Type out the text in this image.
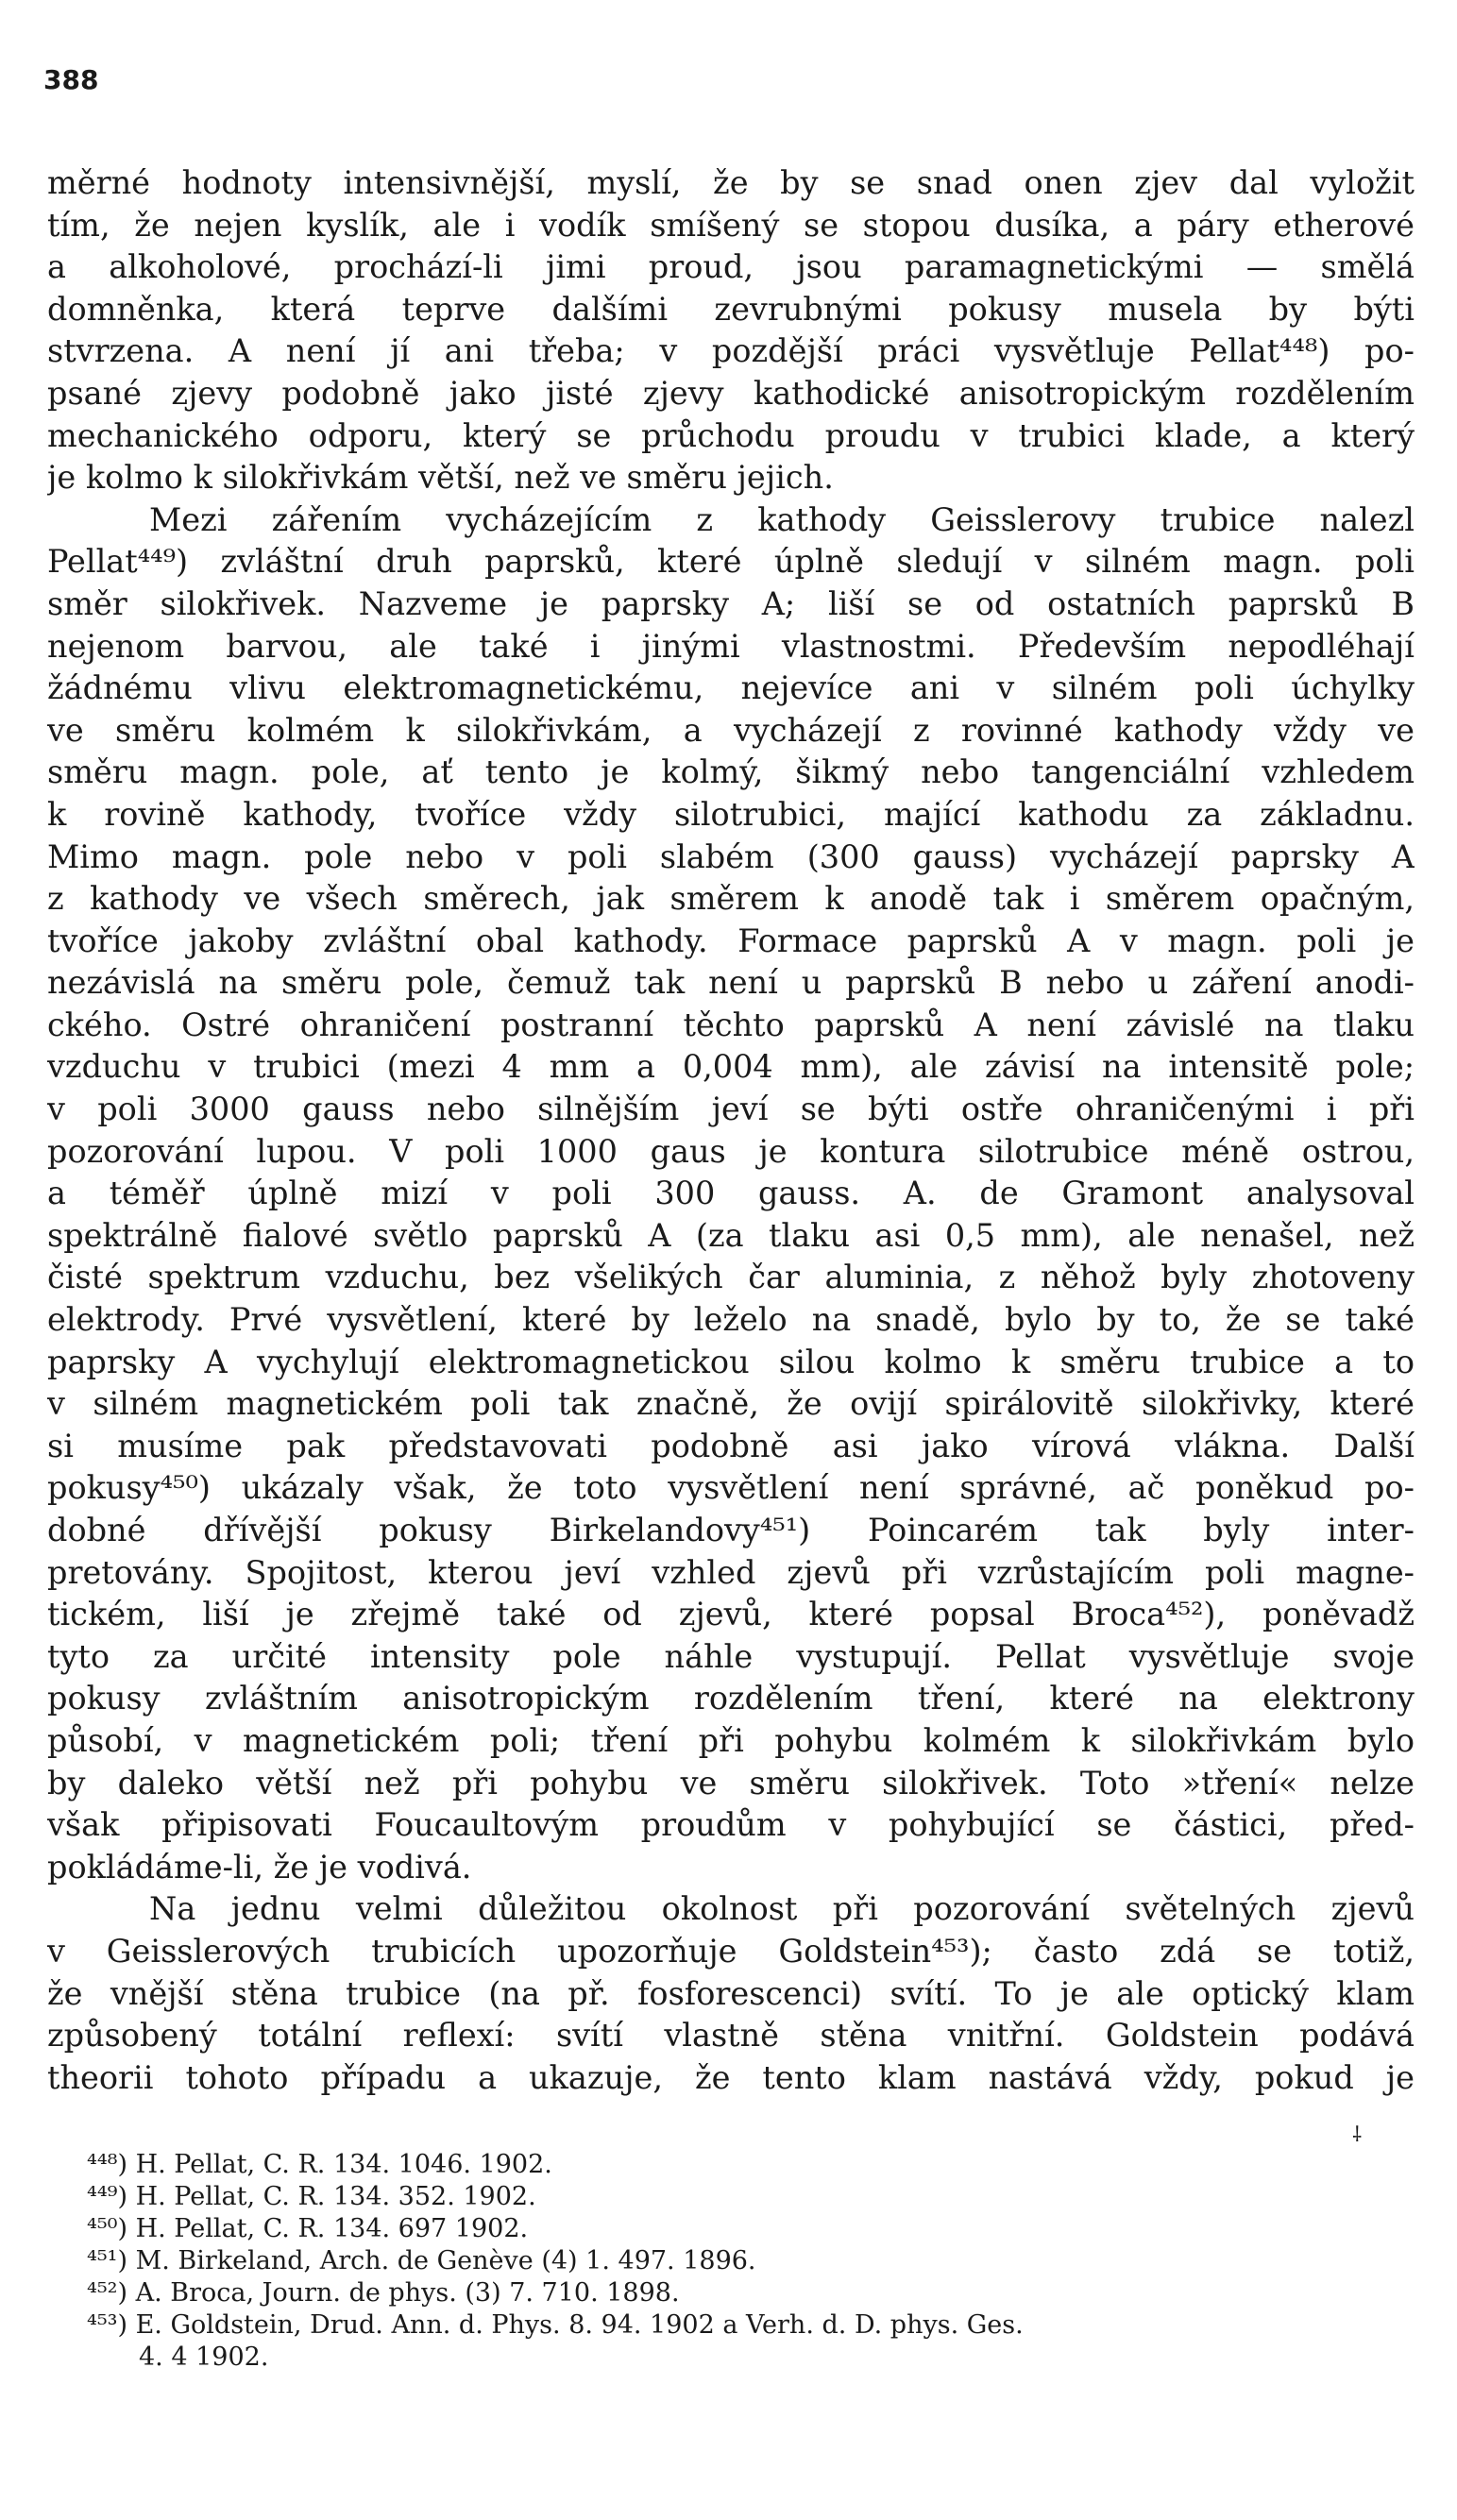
388
měrné hodnoty intensivnější, myslí, že by se snad onen zjev dal vyložit
tím, že nejen kyslík, ale i vodík smíšený se stopou dusíka, a páry etherové
a alkoholové, prochází-li jimi proud, jsou paramagnetickými — smělá
domněnka, která teprve dalšími zevrubnými pokusy musela by býti
stvrzena. A není jí ani třeba; v pozdější práci vysvětluje Pellat⁴⁴⁸) po-
psané zjevy podobně jako jisté zjevy kathodické anisotropickým rozdělením
mechanického odporu, který se průchodu proudu v trubici klade, a který
je kolmo k silokřivkám větší, než ve směru jejich.
Mezi zářením vycházejícím z kathody Geisslerovy trubice nalezl
Pellat⁴⁴⁹) zvláštní druh paprsků, které úplně sledují v silném magn. poli
směr silokřivek. Nazveme je paprsky A; liší se od ostatních paprsků B
nejenom barvou, ale také i jinými vlastnostmi. Především nepodléhají
žádnému vlivu elektromagnetickému, nejevíce ani v silném poli úchylky
ve směru kolmém k silokřivkám, a vycházejí z rovinné kathody vždy ve
směru magn. pole, ať tento je kolmý, šikmý nebo tangenciální vzhledem
k rovině kathody, tvoříce vždy silotrubici, mající kathodu za základnu.
Mimo magn. pole nebo v poli slabém (300 gauss) vycházejí paprsky A
z kathody ve všech směrech, jak směrem k anodě tak i směrem opačným,
tvoříce jakoby zvláštní obal kathody. Formace paprsků A v magn. poli je
nezávislá na směru pole, čemuž tak není u paprsků B nebo u záření anodi-
ckého. Ostré ohraničení postranní těchto paprsků A není závislé na tlaku
vzduchu v trubici (mezi 4 mm a 0,004 mm), ale závisí na intensitě pole;
v poli 3000 gauss nebo silnějším jeví se býti ostře ohraničenými i při
pozorování lupou. V poli 1000 gaus je kontura silotrubice méně ostrou,
a téměř úplně mizí v poli 300 gauss. A. de Gramont analysoval
spektrálně fialové světlo paprsků A (za tlaku asi 0,5 mm), ale nenašel, než
čisté spektrum vzduchu, bez všelikých čar aluminia, z něhož byly zhotoveny
elektrody. Prvé vysvětlení, které by leželo na snadě, bylo by to, že se také
paprsky A vychylují elektromagnetickou silou kolmo k směru trubice a to
v silném magnetickém poli tak značně, že ovijí spirálovitě silokřivky, které
si musíme pak představovati podobně asi jako vírová vlákna. Další
pokusy⁴⁵⁰) ukázaly však, že toto vysvětlení není správné, ač poněkud po-
dobné dřívější pokusy Birkelandovy⁴⁵¹) Poincarém tak byly inter-
pretovány. Spojitost, kterou jeví vzhled zjevů při vzrůstajícím poli magne-
tickém, liší je zřejmě také od zjevů, které popsal Broca⁴⁵²), poněvadž
tyto za určité intensity pole náhle vystupují. Pellat vysvětluje svoje
pokusy zvláštním anisotropickým rozdělením tření, které na elektrony
působí, v magnetickém poli; tření při pohybu kolmém k silokřivkám bylo
by daleko větší než při pohybu ve směru silokřivek. Toto »tření« nelze
však připisovati Foucaultovým proudům v pohybující se částici, před-
pokládáme-li, že je vodivá.
Na jednu velmi důležitou okolnost při pozorování světelných zjevů
v Geisslerových trubicích upozorňuje Goldstein⁴⁵³); často zdá se totiž,
že vnější stěna trubice (na př. fosforescenci) svítí. To je ale optický klam
způsobený totální reflexí: svítí vlastně stěna vnitřní. Goldstein podává
theorii tohoto případu a ukazuje, že tento klam nastává vždy, pokud je
⸸
⁴⁴⁸) H. Pellat, C. R. 134. 1046. 1902.
⁴⁴⁹) H. Pellat, C. R. 134. 352. 1902.
⁴⁵⁰) H. Pellat, C. R. 134. 697 1902.
⁴⁵¹) M. Birkeland, Arch. de Genève (4) 1. 497. 1896.
⁴⁵²) A. Broca, Journ. de phys. (3) 7. 710. 1898.
⁴⁵³) E. Goldstein, Drud. Ann. d. Phys. 8. 94. 1902 a Verh. d. D. phys. Ges.
4. 4 1902.
